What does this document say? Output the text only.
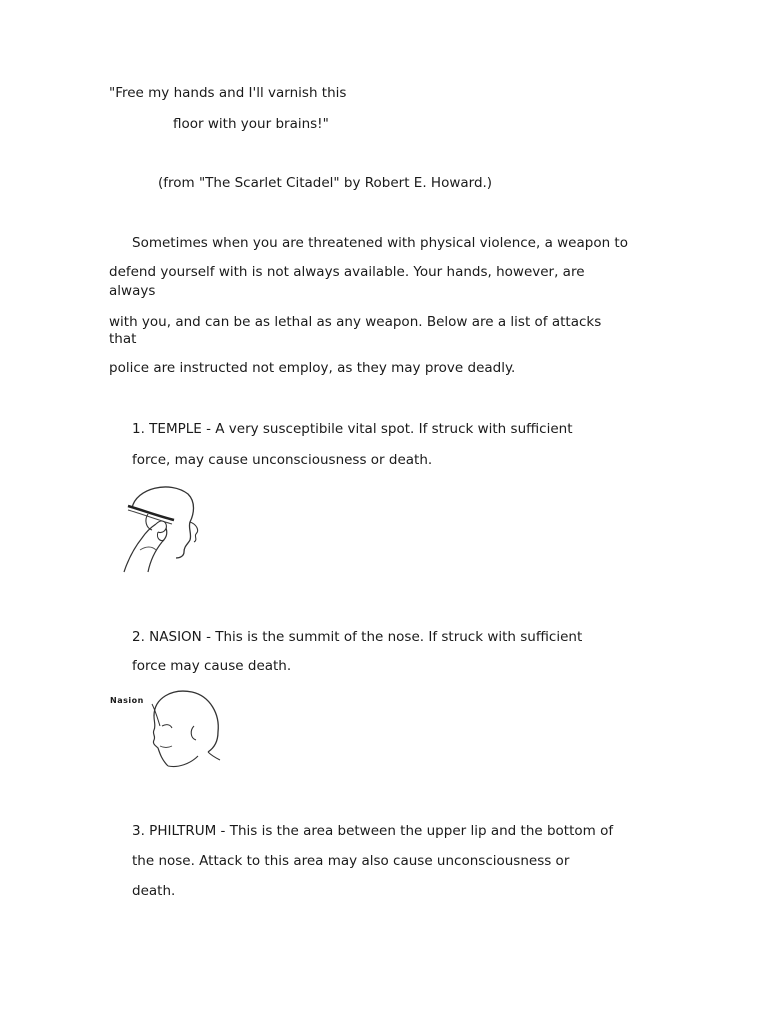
"Free my hands and I'll varnish this
floor with your brains!"
(from "The Scarlet Citadel" by Robert E. Howard.)
Sometimes when you are threatened with physical violence, a weapon to
defend yourself with is not always available. Your hands, however, are
always
with you, and can be as lethal as any weapon. Below are a list of attacks
that
police are instructed not employ, as they may prove deadly.
1. TEMPLE - A very susceptibile vital spot. If struck with sufficient
force, may cause unconsciousness or death.
2. NASION - This is the summit of the nose. If struck with sufficient
force may cause death.
Nasion
3. PHILTRUM - This is the area between the upper lip and the bottom of
the nose. Attack to this area may also cause unconsciousness or
death.
